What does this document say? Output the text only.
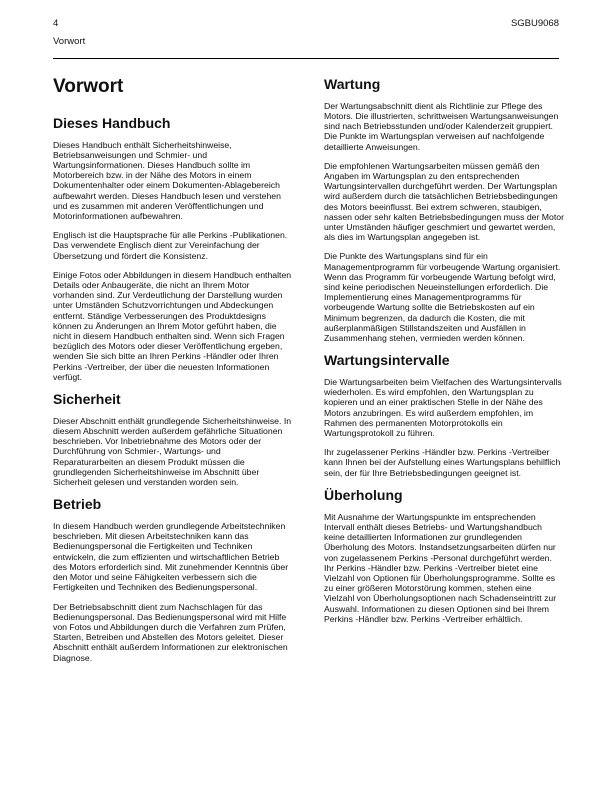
4	SGBU9068
Vorwort
Vorwort
Dieses Handbuch

Dieses Handbuch enthält Sicherheitshinweise, Betriebsanweisungen und Schmier- und Wartungsinformationen. Dieses Handbuch sollte im Motorbereich bzw. in der Nähe des Motors in einem Dokumentenhalter oder einem Dokumenten-Ablagebereich aufbewahrt werden. Dieses Handbuch lesen und verstehen und es zusammen mit anderen Veröffentlichungen und Motorinformationen aufbewahren.

Englisch ist die Hauptsprache für alle Perkins -Publikationen. Das verwendete Englisch dient zur Vereinfachung der Übersetzung und fördert die Konsistenz.

Einige Fotos oder Abbildungen in diesem Handbuch enthalten Details oder Anbaugeräte, die nicht an Ihrem Motor vorhanden sind. Zur Verdeutlichung der Darstellung wurden unter Umständen Schutzvorrichtungen und Abdeckungen entfernt. Ständige Verbesserungen des Produktdesigns können zu Änderungen an Ihrem Motor geführt haben, die nicht in diesem Handbuch enthalten sind. Wenn sich Fragen bezüglich des Motors oder dieser Veröffentlichung ergeben, wenden Sie sich bitte an Ihren Perkins -Händler oder Ihren Perkins -Vertreiber, der über die neuesten Informationen verfügt.

Sicherheit

Dieser Abschnitt enthält grundlegende Sicherheitshinweise. In diesem Abschnitt werden außerdem gefährliche Situationen beschrieben. Vor Inbetriebnahme des Motors oder der Durchführung von Schmier-, Wartungs- und Reparaturarbeiten an diesem Produkt müssen die grundlegenden Sicherheitshinweise im Abschnitt über Sicherheit gelesen und verstanden worden sein.

Betrieb

In diesem Handbuch werden grundlegende Arbeitstechniken beschrieben. Mit diesen Arbeitstechniken kann das Bedienungspersonal die Fertigkeiten und Techniken entwickeln, die zum effizienten und wirtschaftlichen Betrieb des Motors erforderlich sind. Mit zunehmender Kenntnis über den Motor und seine Fähigkeiten verbessern sich die Fertigkeiten und Techniken des Bedienungspersonal.

Der Betriebsabschnitt dient zum Nachschlagen für das Bedienungspersonal. Das Bedienungspersonal wird mit Hilfe von Fotos und Abbildungen durch die Verfahren zum Prüfen, Starten, Betreiben und Abstellen des Motors geleitet. Dieser Abschnitt enthält außerdem Informationen zur elektronischen Diagnose.

Wartung

Der Wartungsabschnitt dient als Richtlinie zur Pflege des Motors. Die illustrierten, schrittweisen Wartungsanweisungen sind nach Betriebsstunden und/oder Kalenderzeit gruppiert. Die Punkte im Wartungsplan verweisen auf nachfolgende detaillierte Anweisungen.

Die empfohlenen Wartungsarbeiten müssen gemäß den Angaben im Wartungsplan zu den entsprechenden Wartungsintervallen durchgeführt werden. Der Wartungsplan wird außerdem durch die tatsächlichen Betriebsbedingungen des Motors beeinflusst. Bei extrem schweren, staubigen, nassen oder sehr kalten Betriebsbedingungen muss der Motor unter Umständen häufiger geschmiert und gewartet werden, als dies im Wartungsplan angegeben ist.

Die Punkte des Wartungsplans sind für ein Managementprogramm für vorbeugende Wartung organisiert. Wenn das Programm für vorbeugende Wartung befolgt wird, sind keine periodischen Neueinstellungen erforderlich. Die Implementierung eines Managementprogramms für vorbeugende Wartung sollte die Betriebskosten auf ein Minimum begrenzen, da dadurch die Kosten, die mit außerplanmäßigen Stillstandszeiten und Ausfällen in Zusammenhang stehen, vermieden werden können.

Wartungsintervalle

Die Wartungsarbeiten beim Vielfachen des Wartungsintervalls wiederholen. Es wird empfohlen, den Wartungsplan zu kopieren und an einer praktischen Stelle in der Nähe des Motors anzubringen. Es wird außerdem empfohlen, im Rahmen des permanenten Motorprotokolls ein Wartungsprotokoll zu führen.

Ihr zugelassener Perkins -Händler bzw. Perkins -Vertreiber kann Ihnen bei der Aufstellung eines Wartungsplans behilflich sein, der für Ihre Betriebsbedingungen geeignet ist.

Überholung

Mit Ausnahme der Wartungspunkte im entsprechenden Intervall enthält dieses Betriebs- und Wartungshandbuch keine detaillierten Informationen zur grundlegenden Überholung des Motors. Instandsetzungsarbeiten dürfen nur von zugelassenem Perkins -Personal durchgeführt werden. Ihr Perkins -Händler bzw. Perkins -Vertreiber bietet eine Vielzahl von Optionen für Überholungsprogramme. Sollte es zu einer größeren Motorstörung kommen, stehen eine Vielzahl von Überholungsoptionen nach Schadenseintritt zur Auswahl. Informationen zu diesen Optionen sind bei Ihrem Perkins -Händler bzw. Perkins -Vertreiber erhältlich.
